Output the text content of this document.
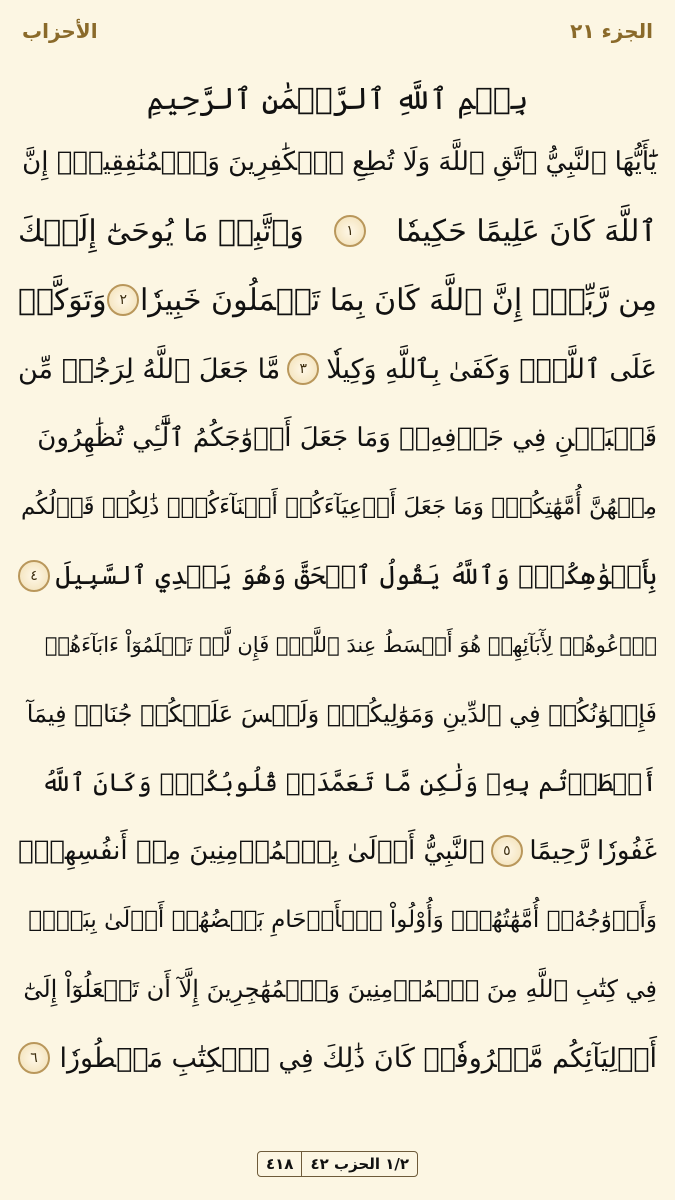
الجزء ٢١
الأحزاب
بِسۡمِ ٱللَّهِ ٱلرَّحۡمَٰنِ ٱلرَّحِيمِ
يَٰٓأَيُّهَا ٱلنَّبِيُّ ٱتَّقِ ٱللَّهَ وَلَا تُطِعِ ٱلۡكَٰفِرِينَ وَٱلۡمُنَٰفِقِينَۚ إِنَّ
ٱللَّهَ كَانَ عَلِيمًا حَكِيمٗا
١
وَٱتَّبِعۡ مَا يُوحَىٰٓ إِلَيۡكَ
مِن رَّبِّكَۚ إِنَّ ٱللَّهَ كَانَ بِمَا تَعۡمَلُونَ خَبِيرٗا
٢
وَتَوَكَّلۡ
عَلَى ٱللَّهِۚ وَكَفَىٰ بِٱللَّهِ وَكِيلٗا
٣
مَّا جَعَلَ ٱللَّهُ لِرَجُلٖ مِّن
قَلۡبَيۡنِ فِي جَوۡفِهِۦۚ وَمَا جَعَلَ أَزۡوَٰجَكُمُ ٱلَّٰٓـِٔي تُظَٰهِرُونَ
مِنۡهُنَّ أُمَّهَٰتِكُمۡۚ وَمَا جَعَلَ أَدۡعِيَآءَكُمۡ أَبۡنَآءَكُمۡۚ ذَٰلِكُمۡ قَوۡلُكُم
بِأَفۡوَٰهِكُمۡۖ وَٱللَّهُ يَقُولُ ٱلۡحَقَّ وَهُوَ يَهۡدِي ٱلسَّبِيلَ
٤
ٱدۡعُوهُمۡ لِأٓبَآئِهِمۡ هُوَ أَقۡسَطُ عِندَ ٱللَّهِۚ فَإِن لَّمۡ تَعۡلَمُوٓاْ ءَابَآءَهُمۡ
فَإِخۡوَٰنُكُمۡ فِي ٱلدِّينِ وَمَوَٰلِيكُمۡۚ وَلَيۡسَ عَلَيۡكُمۡ جُنَاحٞ فِيمَآ
أَخۡطَأۡتُم بِهِۦ وَلَٰكِن مَّا تَعَمَّدَتۡ قُلُوبُكُمۡۚ وَكَانَ ٱللَّهُ
غَفُورٗا رَّحِيمًا
٥
ٱلنَّبِيُّ أَوۡلَىٰ بِٱلۡمُؤۡمِنِينَ مِنۡ أَنفُسِهِمۡۖ
وَأَزۡوَٰجُهُۥٓ أُمَّهَٰتُهُمۡۗ وَأُوْلُواْ ٱلۡأَرۡحَامِ بَعۡضُهُمۡ أَوۡلَىٰ بِبَعۡضٖ
فِي كِتَٰبِ ٱللَّهِ مِنَ ٱلۡمُؤۡمِنِينَ وَٱلۡمُهَٰجِرِينَ إِلَّآ أَن تَفۡعَلُوٓاْ إِلَىٰٓ
أَوۡلِيَآئِكُم مَّعۡرُوفٗاۚ كَانَ ذَٰلِكَ فِي ٱلۡكِتَٰبِ مَسۡطُورٗا
٦
١/٢ الحزب ٤٢
٤١٨
